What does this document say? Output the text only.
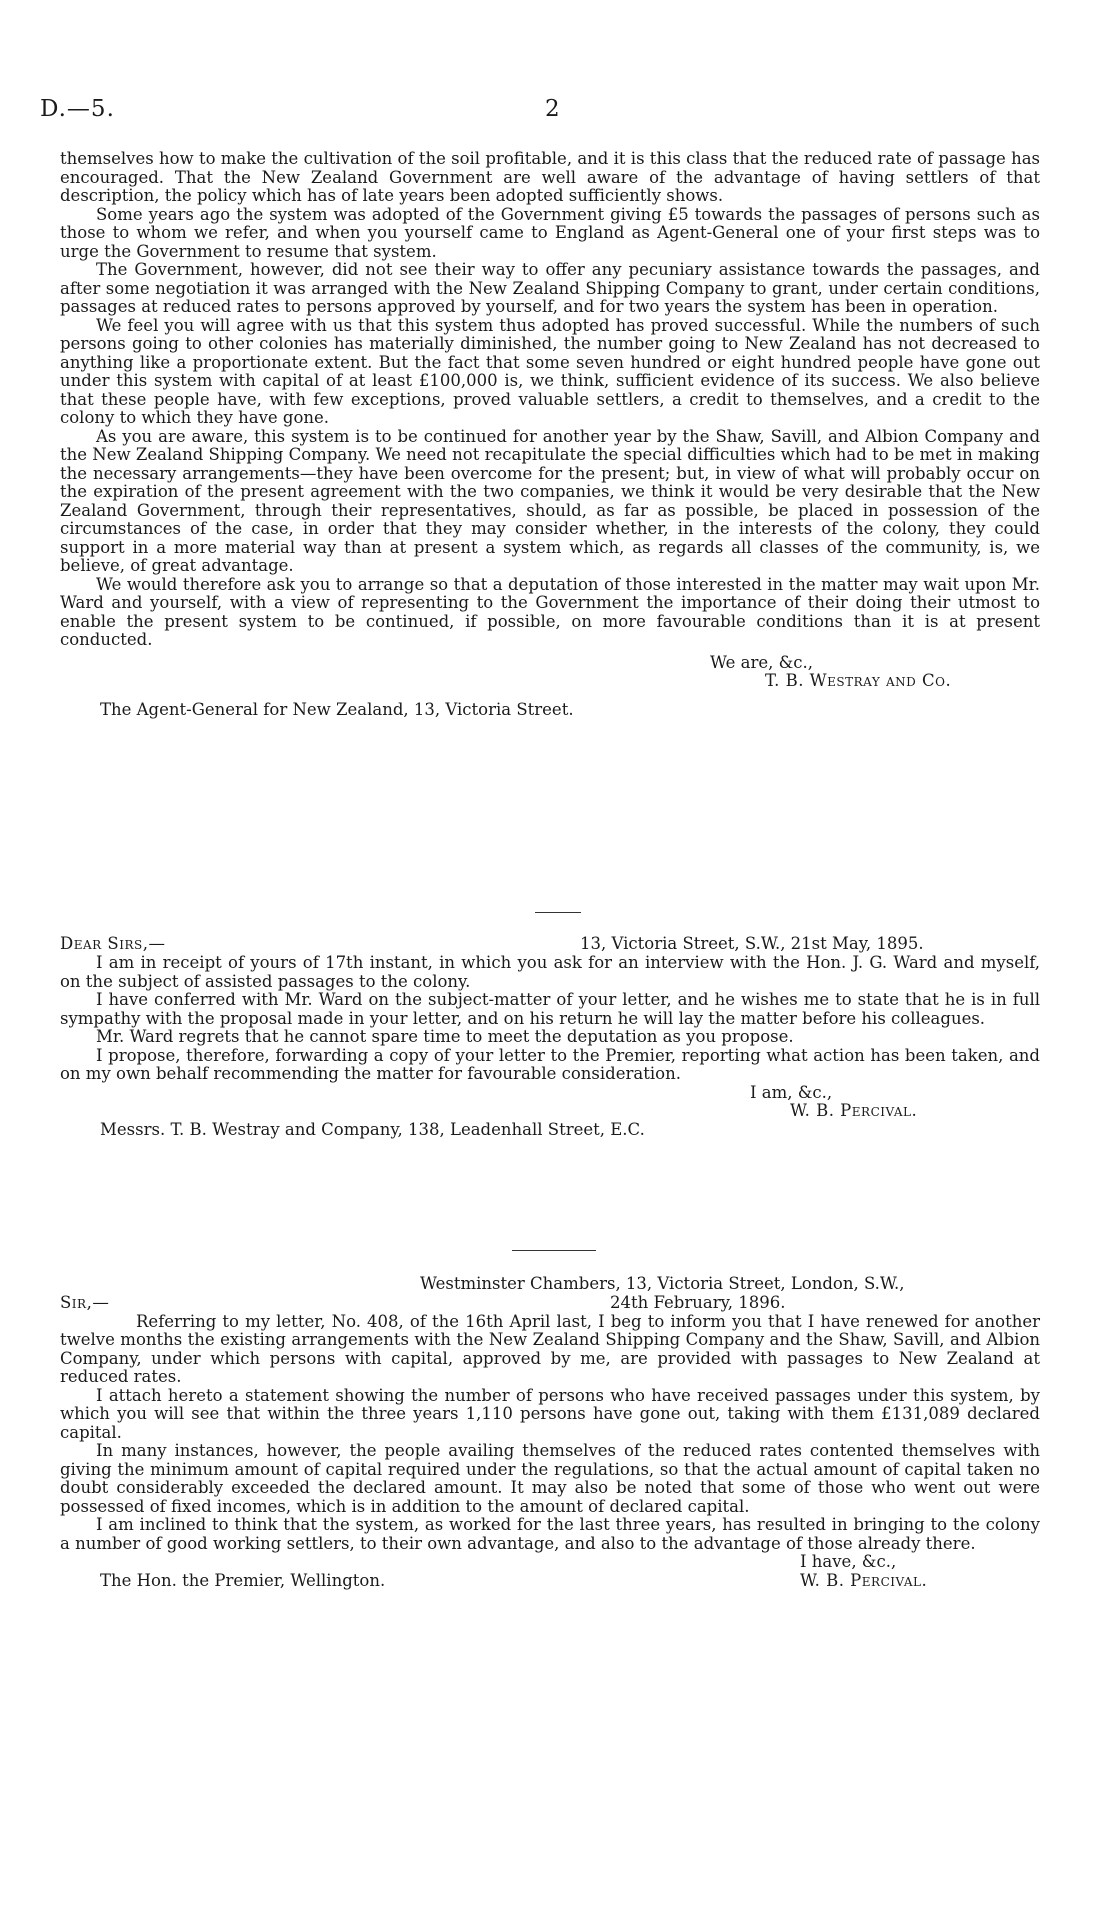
D.—5.	2

themselves how to make the cultivation of the soil profitable, and it is this class that the reduced rate of passage has encouraged. That the New Zealand Government are well aware of the advantage of having settlers of that description, the policy which has of late years been adopted sufficiently shows.

Some years ago the system was adopted of the Government giving £5 towards the passages of persons such as those to whom we refer, and when you yourself came to England as Agent-General one of your first steps was to urge the Government to resume that system.

The Government, however, did not see their way to offer any pecuniary assistance towards the passages, and after some negotiation it was arranged with the New Zealand Shipping Company to grant, under certain conditions, passages at reduced rates to persons approved by yourself, and for two years the system has been in operation.

We feel you will agree with us that this system thus adopted has proved successful. While the numbers of such persons going to other colonies has materially diminished, the number going to New Zealand has not decreased to anything like a proportionate extent. But the fact that some seven hundred or eight hundred people have gone out under this system with capital of at least £100,000 is, we think, sufficient evidence of its success. We also believe that these people have, with few exceptions, proved valuable settlers, a credit to themselves, and a credit to the colony to which they have gone.

As you are aware, this system is to be continued for another year by the Shaw, Savill, and Albion Company and the New Zealand Shipping Company. We need not recapitulate the special difficulties which had to be met in making the necessary arrangements—they have been overcome for the present; but, in view of what will probably occur on the expiration of the present agreement with the two companies, we think it would be very desirable that the New Zealand Government, through their representatives, should, as far as possible, be placed in possession of the circumstances of the case, in order that they may consider whether, in the interests of the colony, they could support in a more material way than at present a system which, as regards all classes of the community, is, we believe, of great advantage.

We would therefore ask you to arrange so that a deputation of those interested in the matter may wait upon Mr. Ward and yourself, with a view of representing to the Government the importance of their doing their utmost to enable the present system to be continued, if possible, on more favourable conditions than it is at present conducted.

We are, &c.,

T. B. Westray and Co.

The Agent-General for New Zealand, 13, Victoria Street.

Dear Sirs,—	13, Victoria Street, S.W., 21st May, 1895.

I am in receipt of yours of 17th instant, in which you ask for an interview with the Hon. J. G. Ward and myself, on the subject of assisted passages to the colony.

I have conferred with Mr. Ward on the subject-matter of your letter, and he wishes me to state that he is in full sympathy with the proposal made in your letter, and on his return he will lay the matter before his colleagues.

Mr. Ward regrets that he cannot spare time to meet the deputation as you propose.

I propose, therefore, forwarding a copy of your letter to the Premier, reporting what action has been taken, and on my own behalf recommending the matter for favourable consideration.

I am, &c.,

W. B. Percival.

Messrs. T. B. Westray and Company, 138, Leadenhall Street, E.C.

Westminster Chambers, 13, Victoria Street, London, S.W.,

Sir,—	24th February, 1896.

Referring to my letter, No. 408, of the 16th April last, I beg to inform you that I have renewed for another twelve months the existing arrangements with the New Zealand Shipping Company and the Shaw, Savill, and Albion Company, under which persons with capital, approved by me, are provided with passages to New Zealand at reduced rates.

I attach hereto a statement showing the number of persons who have received passages under this system, by which you will see that within the three years 1,110 persons have gone out, taking with them £131,089 declared capital.

In many instances, however, the people availing themselves of the reduced rates contented themselves with giving the minimum amount of capital required under the regulations, so that the actual amount of capital taken no doubt considerably exceeded the declared amount. It may also be noted that some of those who went out were possessed of fixed incomes, which is in addition to the amount of declared capital.

I am inclined to think that the system, as worked for the last three years, has resulted in bringing to the colony a number of good working settlers, to their own advantage, and also to the advantage of those already there.

I have, &c.,

The Hon. the Premier, Wellington.	W. B. Percival.
